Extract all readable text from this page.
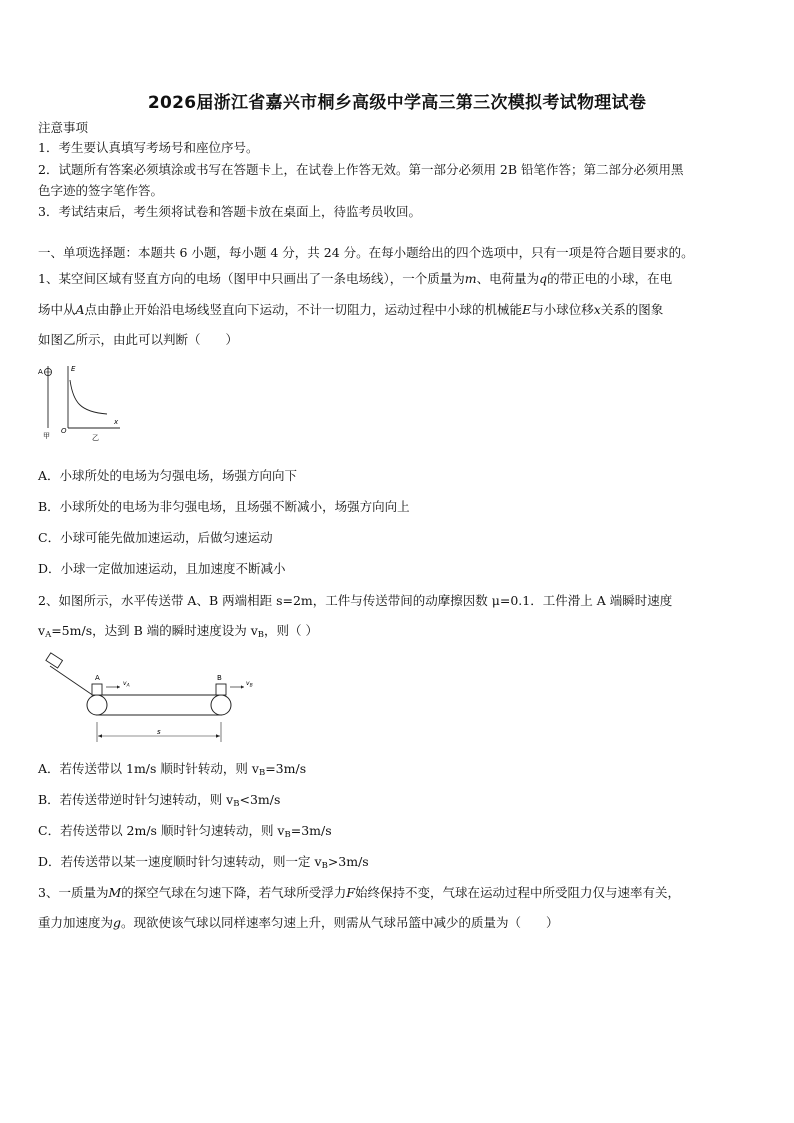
2026届浙江省嘉兴市桐乡高级中学高三第三次模拟考试物理试卷
注意事项
1．考生要认真填写考场号和座位序号。
2．试题所有答案必须填涂或书写在答题卡上，在试卷上作答无效。第一部分必须用 2B 铅笔作答；第二部分必须用黑
色字迹的签字笔作答。
3．考试结束后，考生须将试卷和答题卡放在桌面上，待监考员收回。
一、单项选择题：本题共 6 小题，每小题 4 分，共 24 分。在每小题给出的四个选项中，只有一项是符合题目要求的。
1、某空间区域有竖直方向的电场（图甲中只画出了一条电场线），一个质量为m、电荷量为q的带正电的小球，在电
场中从A点由静止开始沿电场线竖直向下运动，不计一切阻力，运动过程中小球的机械能E与小球位移x关系的图象
如图乙所示，由此可以判断（　　）
A
甲
E
O
x
乙
A．小球所处的电场为匀强电场，场强方向向下
B．小球所处的电场为非匀强电场，且场强不断减小，场强方向向上
C．小球可能先做加速运动，后做匀速运动
D．小球一定做加速运动，且加速度不断减小
2、如图所示，水平传送带 A、B 两端相距 s=2m，工件与传送带间的动摩擦因数 μ=0.1．工件滑上 A 端瞬时速度
$v_A=5m/s$，达到 B 端的瞬时速度设为 $v_B$，则（ ）
A
$v_A$
B
$v_B$
s
A．若传送带以 1m/s 顺时针转动，则 $v_B=3m/s$
B．若传送带逆时针匀速转动，则 $v_B<3m/s$
C．若传送带以 2m/s 顺时针匀速转动，则 $v_B=3m/s$
D．若传送带以某一速度顺时针匀速转动，则一定 $v_B>3m/s$
3、一质量为M的探空气球在匀速下降，若气球所受浮力F始终保持不变，气球在运动过程中所受阻力仅与速率有关，
重力加速度为g。现欲使该气球以同样速率匀速上升，则需从气球吊篮中减少的质量为（　　）
